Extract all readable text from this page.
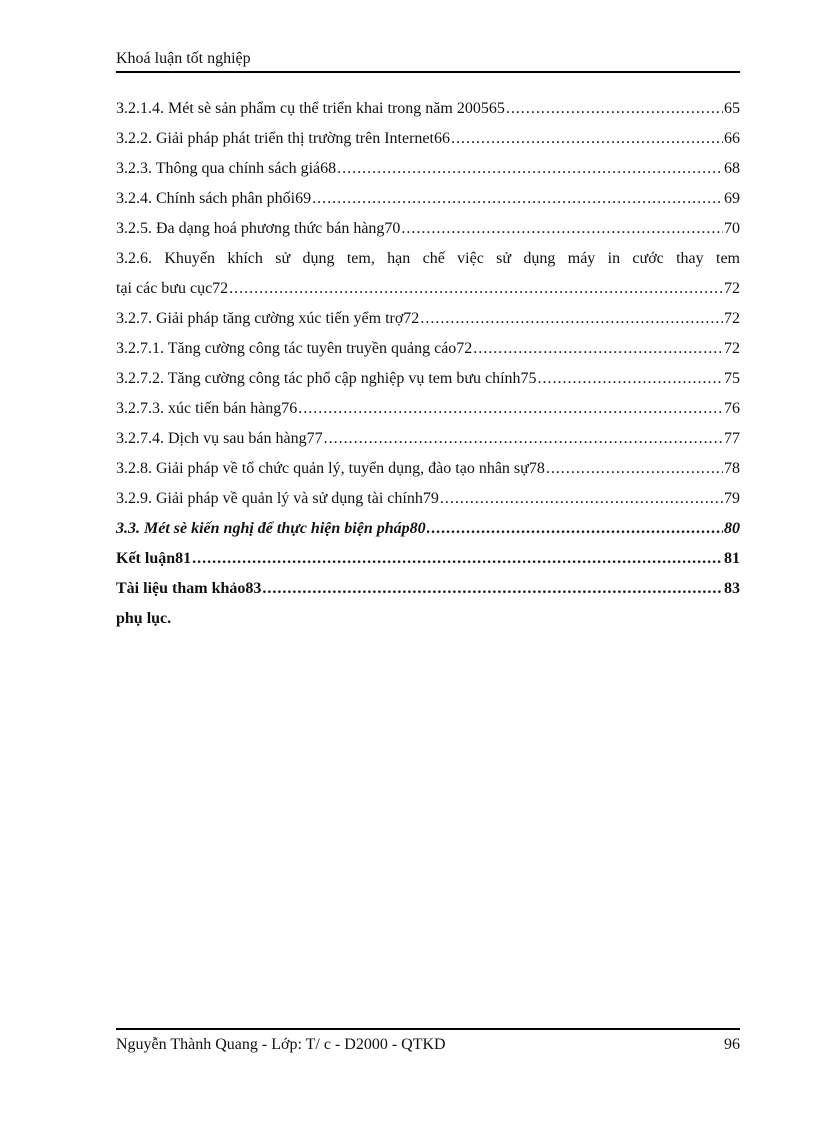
Khoá luận tốt nghiệp
3.2.1.4. Mét sè sản phẩm cụ thể triển khai trong năm 200565 .....	65
3.2.2. Giải pháp phát triển thị trường trên Internet66 .....	66
3.2.3. Thông qua chính sách giá68 .....	68
3.2.4. Chính sách phân phối69 .....	69
3.2.5. Đa dạng hoá phương thức bán hàng70 .....	70
3.2.6. Khuyến khích sử dụng tem, hạn chế việc sử dụng máy in cước thay tem
tại các bưu cục72 .....	72
3.2.7. Giải pháp tăng cường xúc tiến yểm trợ72 .....	72
3.2.7.1. Tăng cường công tác tuyên truyền quảng cáo72 .....	72
3.2.7.2. Tăng cường công tác phổ cập nghiệp vụ tem bưu chính75 .....	75
3.2.7.3. xúc tiến bán hàng76 .....	76
3.2.7.4. Dịch vụ sau bán hàng77 .....	77
3.2.8. Giải pháp về tổ chức quản lý, tuyển dụng, đào tạo nhân sự78 .....	78
3.2.9. Giải pháp về quản lý và sử dụng tài chính79 .....	79
3.3. Mét sè kiến nghị để thực hiện biện pháp80 .....	80
Kết luận81 .....	81
Tài liệu tham khảo83 .....	83
phụ lục.
Nguyễn Thành Quang - Lớp: T/ c - D2000 - QTKD	96
